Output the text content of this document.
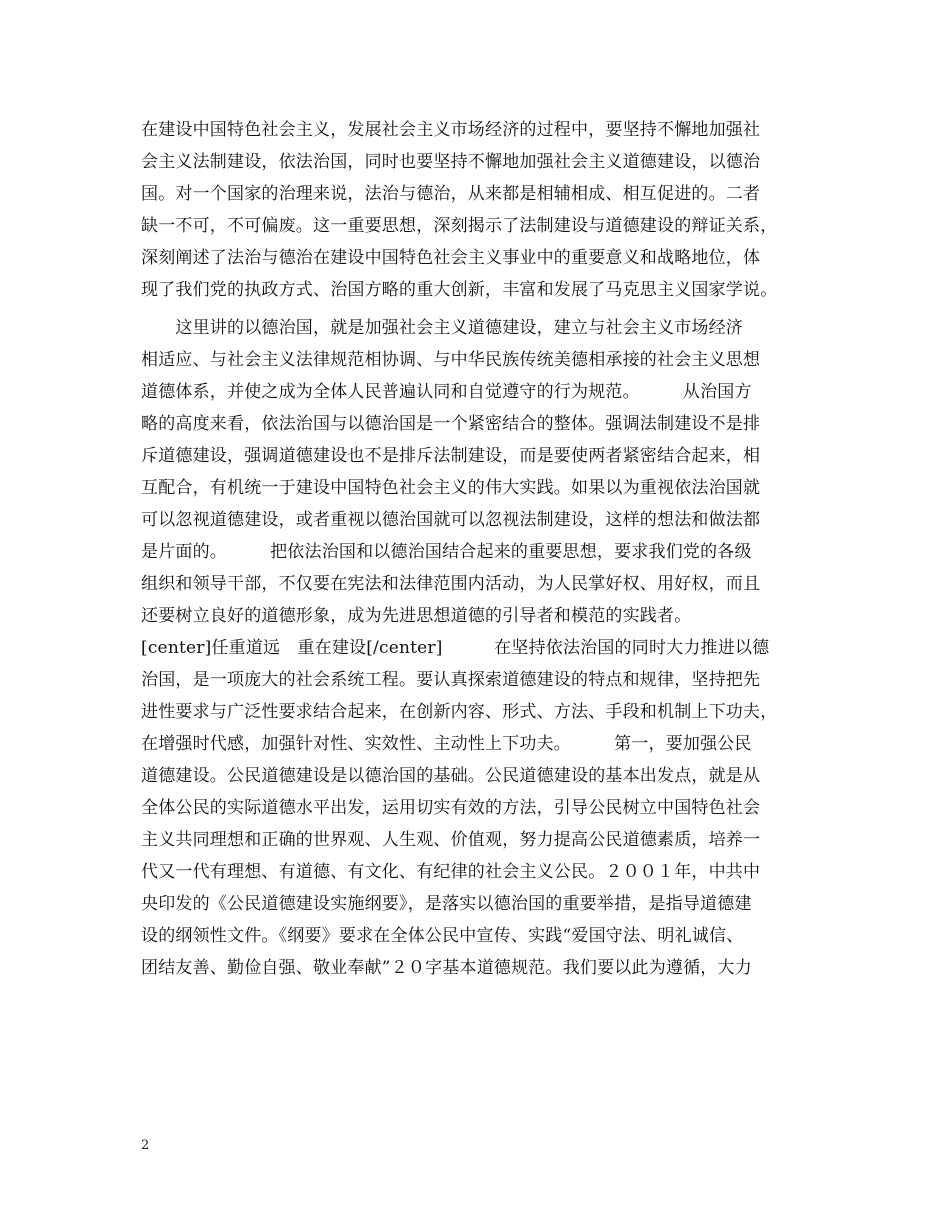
在建设中国特色社会主义，发展社会主义市场经济的过程中，要坚持不懈地加强社
会主义法制建设，依法治国，同时也要坚持不懈地加强社会主义道德建设，以德治
国。对一个国家的治理来说，法治与德治，从来都是相辅相成、相互促进的。二者
缺一不可，不可偏废。这一重要思想，深刻揭示了法制建设与道德建设的辩证关系，
深刻阐述了法治与德治在建设中国特色社会主义事业中的重要意义和战略地位，体
现了我们党的执政方式、治国方略的重大创新，丰富和发展了马克思主义国家学说。
　　这里讲的以德治国，就是加强社会主义道德建设，建立与社会主义市场经济
相适应、与社会主义法律规范相协调、与中华民族传统美德相承接的社会主义思想
道德体系，并使之成为全体人民普遍认同和自觉遵守的行为规范。　　　从治国方
略的高度来看，依法治国与以德治国是一个紧密结合的整体。强调法制建设不是排
斥道德建设，强调道德建设也不是排斥法制建设，而是要使两者紧密结合起来，相
互配合，有机统一于建设中国特色社会主义的伟大实践。如果以为重视依法治国就
可以忽视道德建设，或者重视以德治国就可以忽视法制建设，这样的想法和做法都
是片面的。　　　把依法治国和以德治国结合起来的重要思想，要求我们党的各级
组织和领导干部，不仅要在宪法和法律范围内活动，为人民掌好权、用好权，而且
还要树立良好的道德形象，成为先进思想道德的引导者和模范的实践者。
[center]任重道远　重在建设[/center]　　　在坚持依法治国的同时大力推进以德
治国，是一项庞大的社会系统工程。要认真探索道德建设的特点和规律，坚持把先
进性要求与广泛性要求结合起来，在创新内容、形式、方法、手段和机制上下功夫，
在增强时代感，加强针对性、实效性、主动性上下功夫。　　　第一，要加强公民
道德建设。公民道德建设是以德治国的基础。公民道德建设的基本出发点，就是从
全体公民的实际道德水平出发，运用切实有效的方法，引导公民树立中国特色社会
主义共同理想和正确的世界观、人生观、价值观，努力提高公民道德素质，培养一
代又一代有理想、有道德、有文化、有纪律的社会主义公民。２００１年，中共中
央印发的《公民道德建设实施纲要》，是落实以德治国的重要举措，是指导道德建
设的纲领性文件。《纲要》要求在全体公民中宣传、实践“爱国守法、明礼诚信、
团结友善、勤俭自强、敬业奉献”２０字基本道德规范。我们要以此为遵循，大力
2
